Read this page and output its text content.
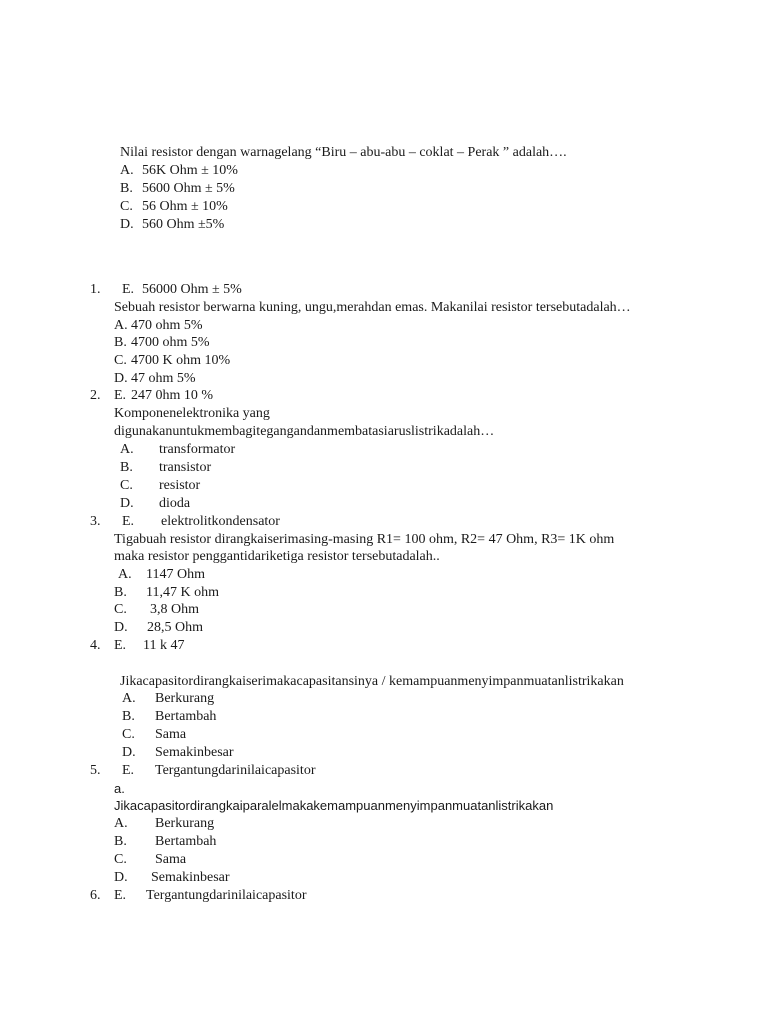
Nilai resistor dengan warnagelang “Biru – abu-abu – coklat – Perak ” adalah….
A. 56K Ohm ± 10%
B. 5600 Ohm ± 5%
C. 56 Ohm ± 10%
D. 560 Ohm ±5%
1. E. 56000 Ohm ± 5%
Sebuah resistor berwarna kuning, ungu,merahdan emas. Makanilai resistor tersebutadalah…
A. 470 ohm 5%
B. 4700 ohm 5%
C. 4700 K ohm 10%
D. 47 ohm 5%
2. E. 247 0hm 10 %
Komponenelektronika yang
digunakanuntukmembagitegangandanmembatasiaruslistrikadalah…
A. transformator
B. transistor
C. resistor
D. dioda
3. E. elektrolitkondensator
Tigabuah resistor dirangkaiserimasing-masing R1= 100 ohm, R2= 47 Ohm, R3= 1K ohm
maka resistor penggantidariketiga resistor tersebutadalah..
A. 1147 Ohm
B. 11,47 K ohm
C. 3,8 Ohm
D. 28,5 Ohm
4. E. 11 k 47
Jikacapasitordirangkaiserimakacapasitansinya / kemampuanmenyimpanmuatanlistrikakan
A. Berkurang
B. Bertambah
C. Sama
D. Semakinbesar
5. E. Tergantungdarinilaicapasitor
a.
Jikacapasitordirangkaiparalelmakakemampuanmenyimpanmuatanlistrikakan
A. Berkurang
B. Bertambah
C. Sama
D. Semakinbesar
6. E. Tergantungdarinilaicapasitor
